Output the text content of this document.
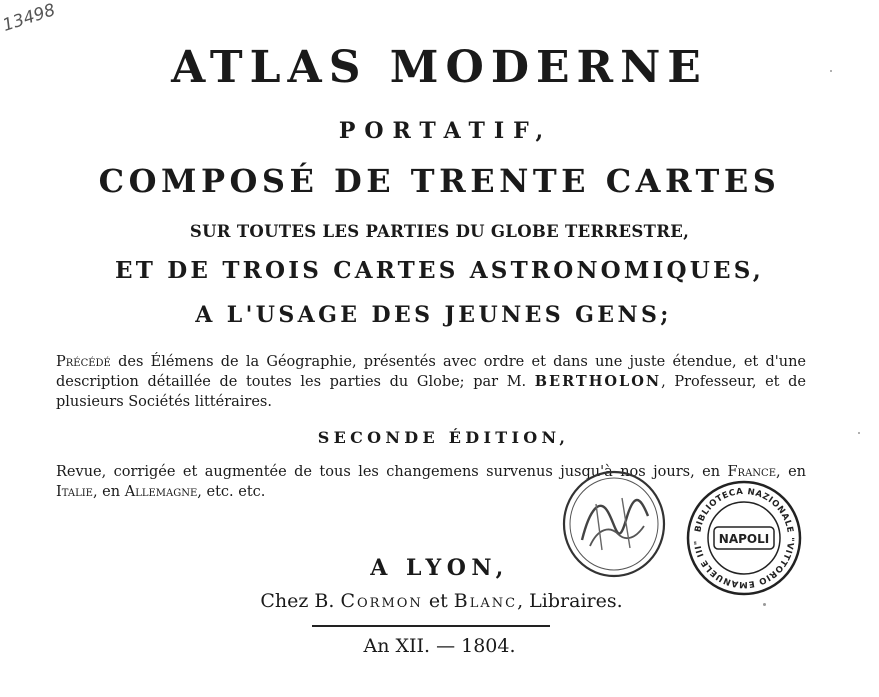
13498
ATLAS MODERNE
PORTATIF,
COMPOSÉ DE TRENTE CARTES
SUR TOUTES LES PARTIES DU GLOBE TERRESTRE,
ET DE TROIS CARTES ASTRONOMIQUES,
A L'USAGE DES JEUNES GENS;
Précédé des Élémens de la Géographie, présentés avec ordre et dans une juste étendue, et d'une description détaillée de toutes les parties du Globe; par M. BERTHOLON, Professeur, et de plusieurs Sociétés littéraires.
SECONDE ÉDITION,
Revue, corrigée et augmentée de tous les changemens survenus jusqu'à nos jours, en France, en Italie, en Allemagne, etc. etc.
A LYON,
Chez B. Cormon et Blanc, Libraires.
An XII. — 1804.
BIBLIOTECA NAZIONALE "VITTORIO EMANUELE III"	NAPOLI
